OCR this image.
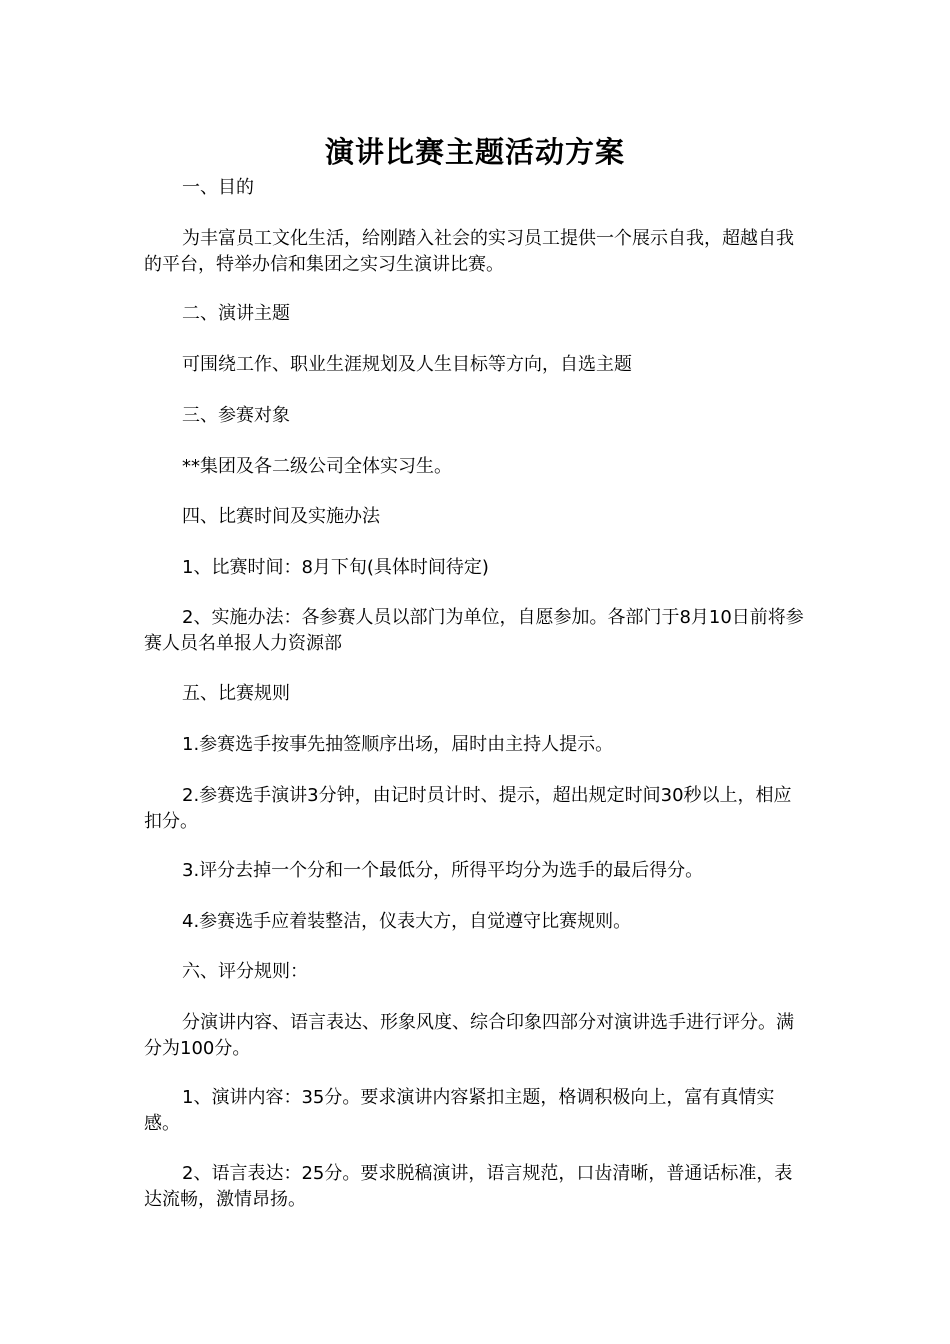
演讲比赛主题活动方案
一、目的
为丰富员工文化生活，给刚踏入社会的实习员工提供一个展示自我，超越自我的平台，特举办信和集团之实习生演讲比赛。
二、演讲主题
可围绕工作、职业生涯规划及人生目标等方向，自选主题
三、参赛对象
**集团及各二级公司全体实习生。
四、比赛时间及实施办法
1、比赛时间：8月下旬(具体时间待定)
2、实施办法：各参赛人员以部门为单位，自愿参加。各部门于8月10日前将参赛人员名单报人力资源部
五、比赛规则
1.参赛选手按事先抽签顺序出场，届时由主持人提示。
2.参赛选手演讲3分钟，由记时员计时、提示，超出规定时间30秒以上，相应扣分。
3.评分去掉一个分和一个最低分，所得平均分为选手的最后得分。
4.参赛选手应着装整洁，仪表大方，自觉遵守比赛规则。
六、评分规则：
分演讲内容、语言表达、形象风度、综合印象四部分对演讲选手进行评分。满分为100分。
1、演讲内容：35分。要求演讲内容紧扣主题，格调积极向上，富有真情实感。
2、语言表达：25分。要求脱稿演讲，语言规范，口齿清晰，普通话标准，表达流畅，激情昂扬。
